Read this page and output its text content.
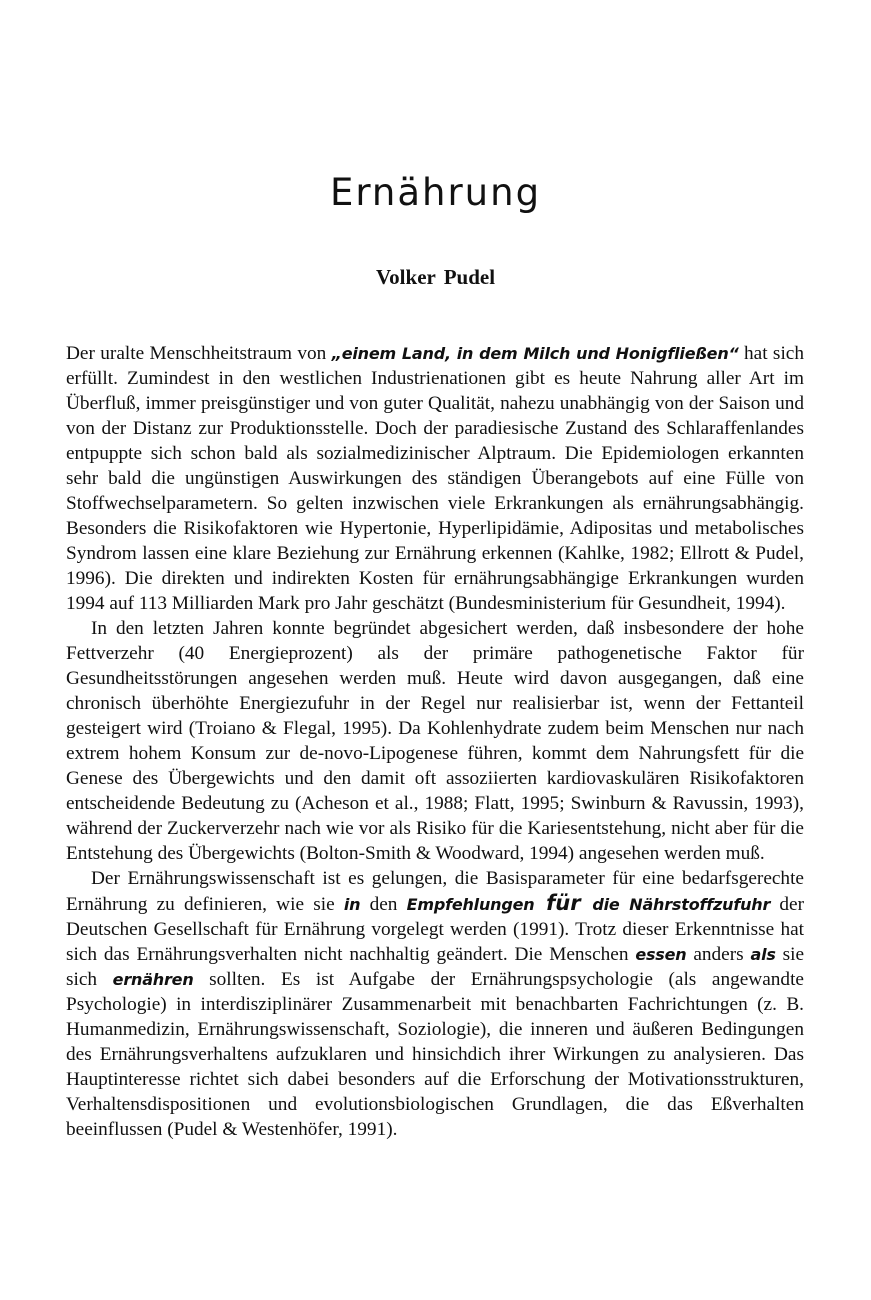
Ernährung
Volker Pudel

Der uralte Menschheitstraum von „einem Land, in dem Milch und Honigfließen“ hat sich erfüllt. Zumindest in den westlichen Industrienationen gibt es heute Nahrung aller Art im Überfluß, immer preisgünstiger und von guter Qualität, nahezu unabhängig von der Saison und von der Distanz zur Produktionsstelle. Doch der paradiesische Zustand des Schlaraffenlandes entpuppte sich schon bald als sozialmedizinischer Alptraum. Die Epidemiologen erkannten sehr bald die ungünstigen Auswirkungen des ständigen Überangebots auf eine Fülle von Stoffwechselparametern. So gelten inzwischen viele Erkrankungen als ernährungsabhängig. Besonders die Risikofaktoren wie Hypertonie, Hyperlipidämie, Adipositas und metabolisches Syndrom lassen eine klare Beziehung zur Ernährung erkennen (Kahlke, 1982; Ellrott & Pudel, 1996). Die direkten und indirekten Kosten für ernährungsabhängige Erkrankungen wurden 1994 auf 113 Milliarden Mark pro Jahr geschätzt (Bundesministerium für Gesundheit, 1994).

In den letzten Jahren konnte begründet abgesichert werden, daß insbesondere der hohe Fettverzehr (40 Energieprozent) als der primäre pathogenetische Faktor für Gesundheitsstörungen angesehen werden muß. Heute wird davon ausgegangen, daß eine chronisch überhöhte Energiezufuhr in der Regel nur realisierbar ist, wenn der Fettanteil gesteigert wird (Troiano & Flegal, 1995). Da Kohlenhydrate zudem beim Menschen nur nach extrem hohem Konsum zur de-novo-Lipogenese führen, kommt dem Nahrungsfett für die Genese des Übergewichts und den damit oft assoziierten kardiovaskulären Risikofaktoren entscheidende Bedeutung zu (Acheson et al., 1988; Flatt, 1995; Swinburn & Ravussin, 1993), während der Zuckerverzehr nach wie vor als Risiko für die Kariesentstehung, nicht aber für die Entstehung des Übergewichts (Bolton-Smith & Woodward, 1994) angesehen werden muß.

Der Ernährungswissenschaft ist es gelungen, die Basisparameter für eine bedarfsgerechte Ernährung zu definieren, wie sie in den Empfehlungen für die Nährstoffzufuhr der Deutschen Gesellschaft für Ernährung vorgelegt werden (1991). Trotz dieser Erkenntnisse hat sich das Ernährungsverhalten nicht nachhaltig geändert. Die Menschen essen anders als sie sich ernähren sollten. Es ist Aufgabe der Ernährungspsychologie (als angewandte Psychologie) in interdisziplinärer Zusammenarbeit mit benachbarten Fachrichtungen (z. B. Humanmedizin, Ernährungswissenschaft, Soziologie), die inneren und äußeren Bedingungen des Ernährungsverhaltens aufzuklaren und hinsichdich ihrer Wirkungen zu analysieren. Das Hauptinteresse richtet sich dabei besonders auf die Erforschung der Motivationsstrukturen, Verhaltensdispositionen und evolutionsbiologischen Grundlagen, die das Eßverhalten beeinflussen (Pudel & Westenhöfer, 1991).
